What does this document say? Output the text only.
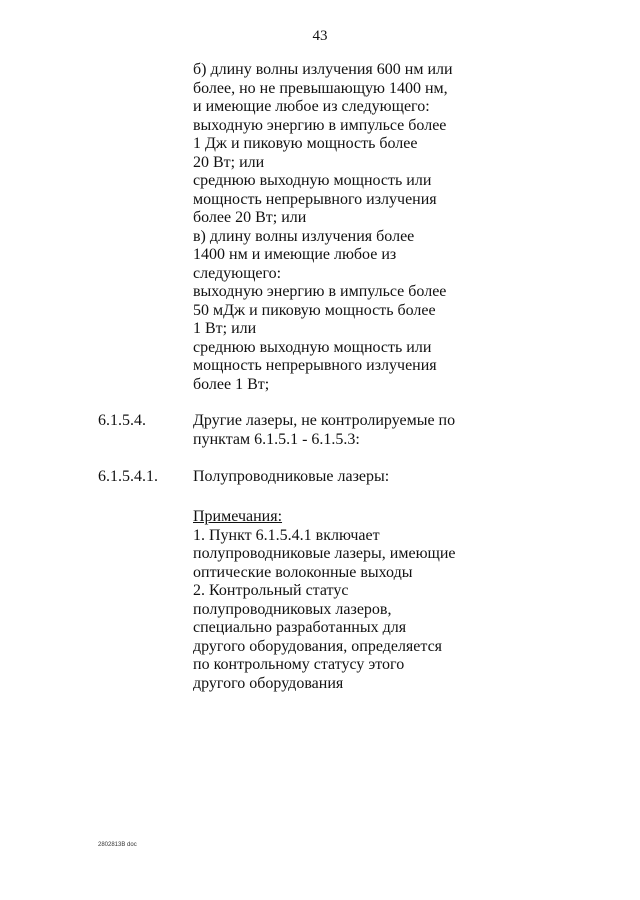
43
б) длину волны излучения 600 нм или
более, но не превышающую 1400 нм,
и имеющие любое из следующего:
выходную энергию в импульсе более
1 Дж и пиковую мощность более
20 Вт; или
среднюю выходную мощность или
мощность непрерывного излучения
более 20 Вт; или
в) длину волны излучения более
1400 нм и имеющие любое из
следующего:
выходную энергию в импульсе более
50 мДж и пиковую мощность более
1 Вт; или
среднюю выходную мощность или
мощность непрерывного излучения
более 1 Вт;
6.1.5.4.	Другие лазеры, не контролируемые по
пунктам 6.1.5.1 - 6.1.5.3:
6.1.5.4.1. Полупроводниковые лазеры:
Примечания:
1. Пункт 6.1.5.4.1 включает
полупроводниковые лазеры, имеющие
оптические волоконные выходы
2. Контрольный статус
полупроводниковых лазеров,
специально разработанных для
другого оборудования, определяется
по контрольному статусу этого
другого оборудования
2802813B doc
